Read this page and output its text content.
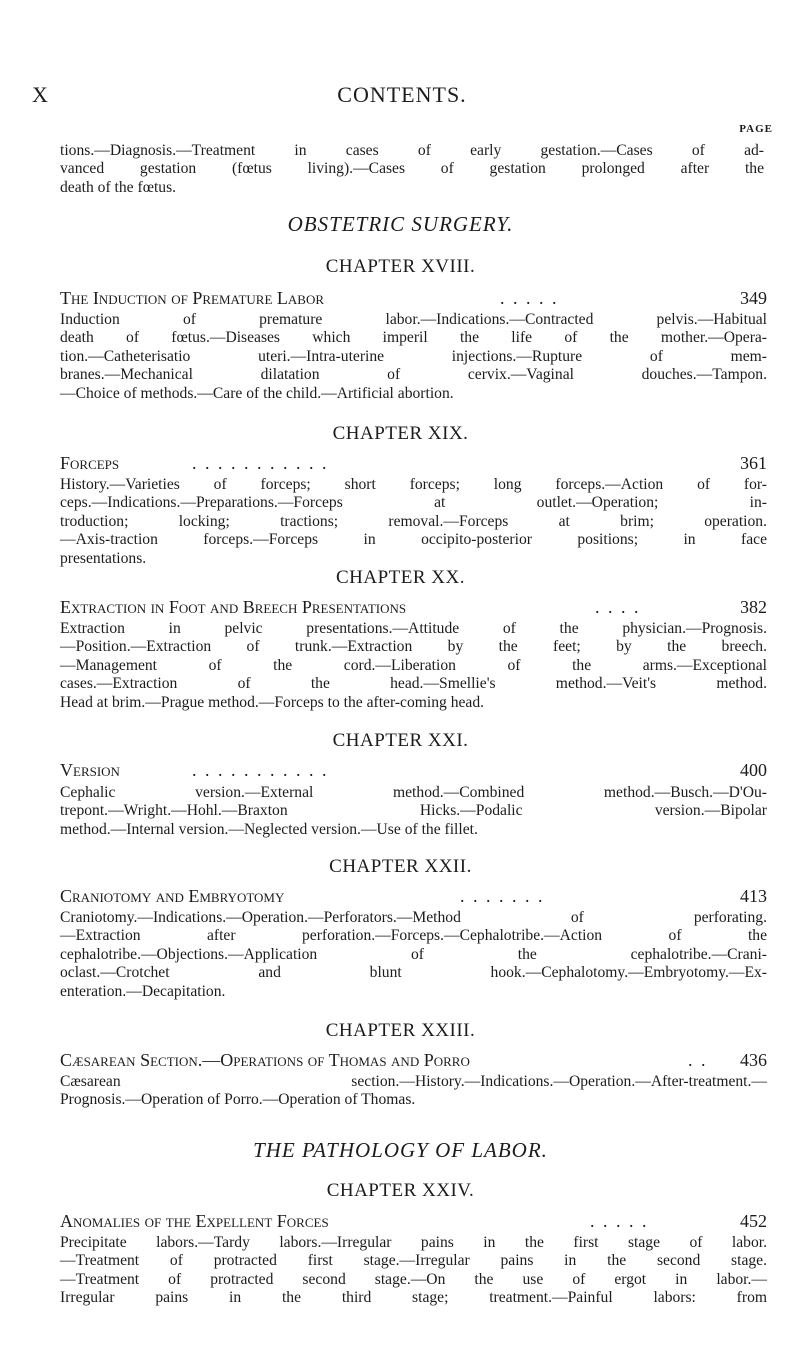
X	CONTENTS.
PAGE
tions.—Diagnosis.—Treatment in cases of early gestation.—Cases of ad-
vanced gestation (fœtus living).—Cases of gestation prolonged after the
death of the fœtus.
OBSTETRIC SURGERY.
CHAPTER XVIII.
The Induction of Premature Labor	. . . . .	349
Induction of premature labor.—Indications.—Contracted pelvis.—Habitual
death of fœtus.—Diseases which imperil the life of the mother.—Opera-
tion.—Catheterisatio uteri.—Intra-uterine injections.—Rupture of mem-
branes.—Mechanical dilatation of cervix.—Vaginal douches.—Tampon.
—Choice of methods.—Care of the child.—Artificial abortion.
CHAPTER XIX.
Forceps	. . . . . . . . . . .	361
History.—Varieties of forceps; short forceps; long forceps.—Action of for-
ceps.—Indications.—Preparations.—Forceps at outlet.—Operation; in-
troduction; locking; tractions; removal.—Forceps at brim; operation.
—Axis-traction forceps.—Forceps in occipito-posterior positions; in face
presentations.
CHAPTER XX.
Extraction in Foot and Breech Presentations	. . . .	382
Extraction in pelvic presentations.—Attitude of the physician.—Prognosis.
—Position.—Extraction of trunk.—Extraction by the feet; by the breech.
—Management of the cord.—Liberation of the arms.—Exceptional
cases.—Extraction of the head.—Smellie's method.—Veit's method.
Head at brim.—Prague method.—Forceps to the after-coming head.
CHAPTER XXI.
Version	. . . . . . . . . . .	400
Cephalic version.—External method.—Combined method.—Busch.—D'Ou-
trepont.—Wright.—Hohl.—Braxton Hicks.—Podalic version.—Bipolar
method.—Internal version.—Neglected version.—Use of the fillet.
CHAPTER XXII.
Craniotomy and Embryotomy	. . . . . . .	413
Craniotomy.—Indications.—Operation.—Perforators.—Method of perforating.
—Extraction after perforation.—Forceps.—Cephalotribe.—Action of the
cephalotribe.—Objections.—Application of the cephalotribe.—Crani-
oclast.—Crotchet and blunt hook.—Cephalotomy.—Embryotomy.—Ex-
enteration.—Decapitation.
CHAPTER XXIII.
Cæsarean Section.—Operations of Thomas and Porro	. . 436
Cæsarean section.—History.—Indications.—Operation.—After-treatment.—
Prognosis.—Operation of Porro.—Operation of Thomas.
THE PATHOLOGY OF LABOR.
CHAPTER XXIV.
Anomalies of the Expellent Forces	. . . . .	452
Precipitate labors.—Tardy labors.—Irregular pains in the first stage of labor.
—Treatment of protracted first stage.—Irregular pains in the second stage.
—Treatment of protracted second stage.—On the use of ergot in labor.—
Irregular pains in the third stage; treatment.—Painful labors: from
